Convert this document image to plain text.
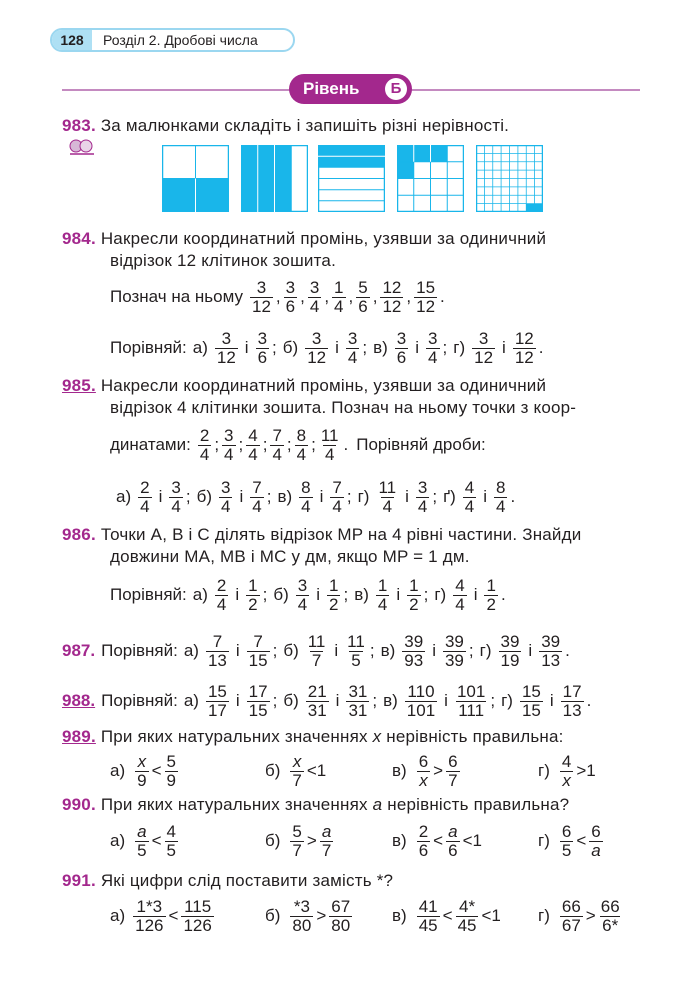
128	Розділ 2. Дробові числа
Рівень	Б
983. За малюнками складіть і запишіть різні нерівності.
984. Накресли координатний промінь, узявши за одиничний
відрізок 12 клітинок зошита.
Познач на ньому $\frac{3}{12}$ , $\frac{3}{6}$ , $\frac{3}{4}$ , $\frac{1}{4}$ , $\frac{5}{6}$ , $\frac{12}{12}$ , $\frac{15}{12}$ .
Порівняй: $а) \frac{3}{12}$ і $\frac{3}{6}$ ; $б) \frac{3}{12}$ і $\frac{3}{4}$ ; $в) \frac{3}{6}$ і $\frac{3}{4}$ ; $г) \frac{3}{12}$ і $\frac{12}{12}$ .
985. Накресли координатний промінь, узявши за одиничний
відрізок 4 клітинки зошита. Познач на ньому точки з коор-
динатами: $\frac{2}{4}$ ; $\frac{3}{4}$ ; $\frac{4}{4}$ ; $\frac{7}{4}$ ; $\frac{8}{4}$ ; $\frac{11}{4}$ . Порівняй дроби:
$а) \frac{2}{4}$ і $\frac{3}{4}$ ; $б) \frac{3}{4}$ і $\frac{7}{4}$ ; $в) \frac{8}{4}$ і $\frac{7}{4}$ ; $г) \frac{11}{4}$ і $\frac{3}{4}$ ; $ґ) \frac{4}{4}$ і $\frac{8}{4}$ .
986. Точки A, B і C ділять відрізок MP на 4 рівні частини. Знайди
довжини MA, MB і MC у дм, якщо MP = 1 дм.
Порівняй: $а) \frac{2}{4}$ і $\frac{1}{2}$ ; $б) \frac{3}{4}$ і $\frac{1}{2}$ ; $в) \frac{1}{4}$ і $\frac{1}{2}$ ; $г) \frac{4}{4}$ і $\frac{1}{2}$ .
987. Порівняй: $а) \frac{7}{13}$ і $\frac{7}{15}$ ; $б) \frac{11}{7}$ і $\frac{11}{5}$ ; $в) \frac{39}{93}$ і $\frac{39}{39}$ ; $г) \frac{39}{19}$ і $\frac{39}{13}$ .
988. Порівняй: $а) \frac{15}{17}$ і $\frac{17}{15}$ ; $б) \frac{21}{31}$ і $\frac{31}{31}$ ; $в) \frac{110}{101}$ і $\frac{101}{111}$ ; $г) \frac{15}{15}$ і $\frac{17}{13}$ .
989. При яких натуральних значеннях x нерівність правильна:
$а) \frac{x}{9} < \frac{5}{9}$	$б) \frac{x}{7} <1$	$в) \frac{6}{x} > \frac{6}{7}$	$г) \frac{4}{x} >1$
990. При яких натуральних значеннях a нерівність правильна?
$а) \frac{a}{5} < \frac{4}{5}$	$б) \frac{5}{7} > \frac{a}{7}$	$в) \frac{2}{6} < \frac{a}{6} <1$	$г) \frac{6}{5} < \frac{6}{a}$
991. Які цифри слід поставити замість *?
$а) \frac{1*3}{126} < \frac{115}{126}$	$б) \frac{*3}{80} > \frac{67}{80} в) \frac{41}{45} < \frac{4*}{45} <1$ $г) \frac{66}{67} > \frac{66}{6*}$
